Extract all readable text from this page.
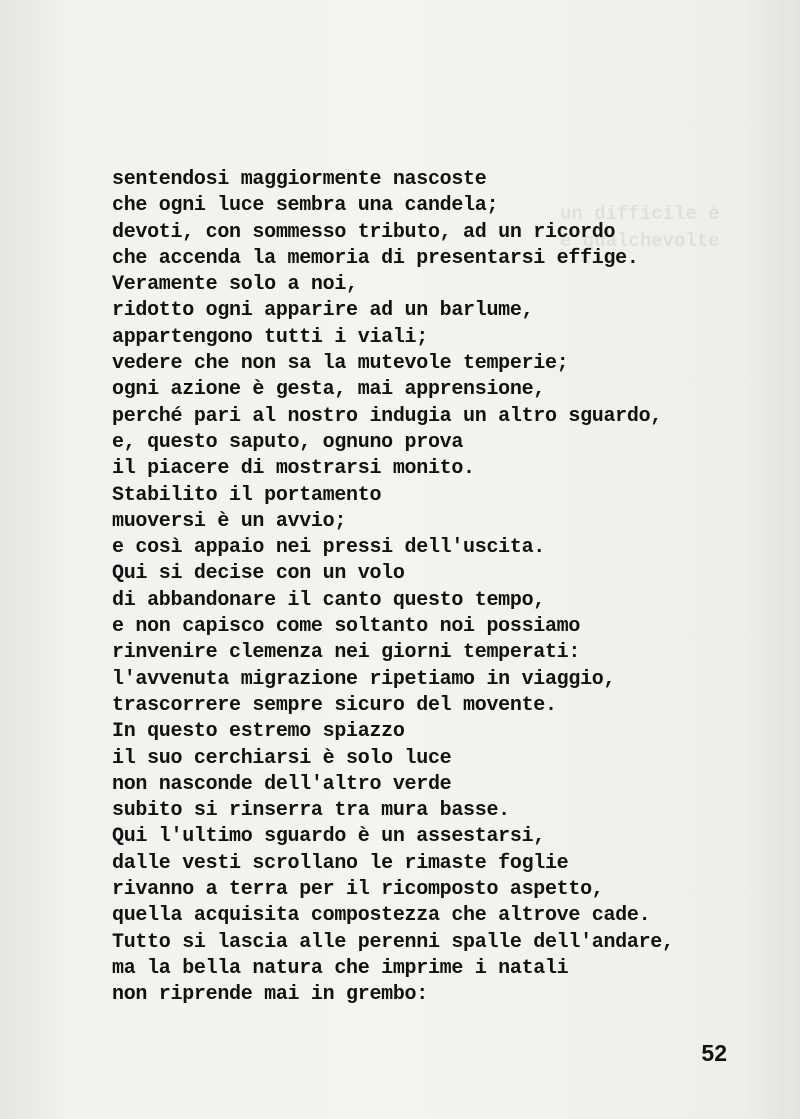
un difficile è
e qualchevolte

sentendosi maggiormente nascoste
che ogni luce sembra una candela;
devoti, con sommesso tributo, ad un ricordo
che accenda la memoria di presentarsi effige.
Veramente solo a noi,
ridotto ogni apparire ad un barlume,
appartengono tutti i viali;
vedere che non sa la mutevole temperie;
ogni azione è gesta, mai apprensione,
perché pari al nostro indugia un altro sguardo,
e, questo saputo, ognuno prova
il piacere di mostrarsi monito.
Stabilito il portamento
muoversi è un avvio;
e così appaio nei pressi dell'uscita.
Qui si decise con un volo
di abbandonare il canto questo tempo,
e non capisco come soltanto noi possiamo
rinvenire clemenza nei giorni temperati:
l'avvenuta migrazione ripetiamo in viaggio,
trascorrere sempre sicuro del movente.
In questo estremo spiazzo
il suo cerchiarsi è solo luce
non nasconde dell'altro verde
subito si rinserra tra mura basse.
Qui l'ultimo sguardo è un assestarsi,
dalle vesti scrollano le rimaste foglie
rivanno a terra per il ricomposto aspetto,
quella acquisita compostezza che altrove cade.
Tutto si lascia alle perenni spalle dell'andare,
ma la bella natura che imprime i natali
non riprende mai in grembo:
52
